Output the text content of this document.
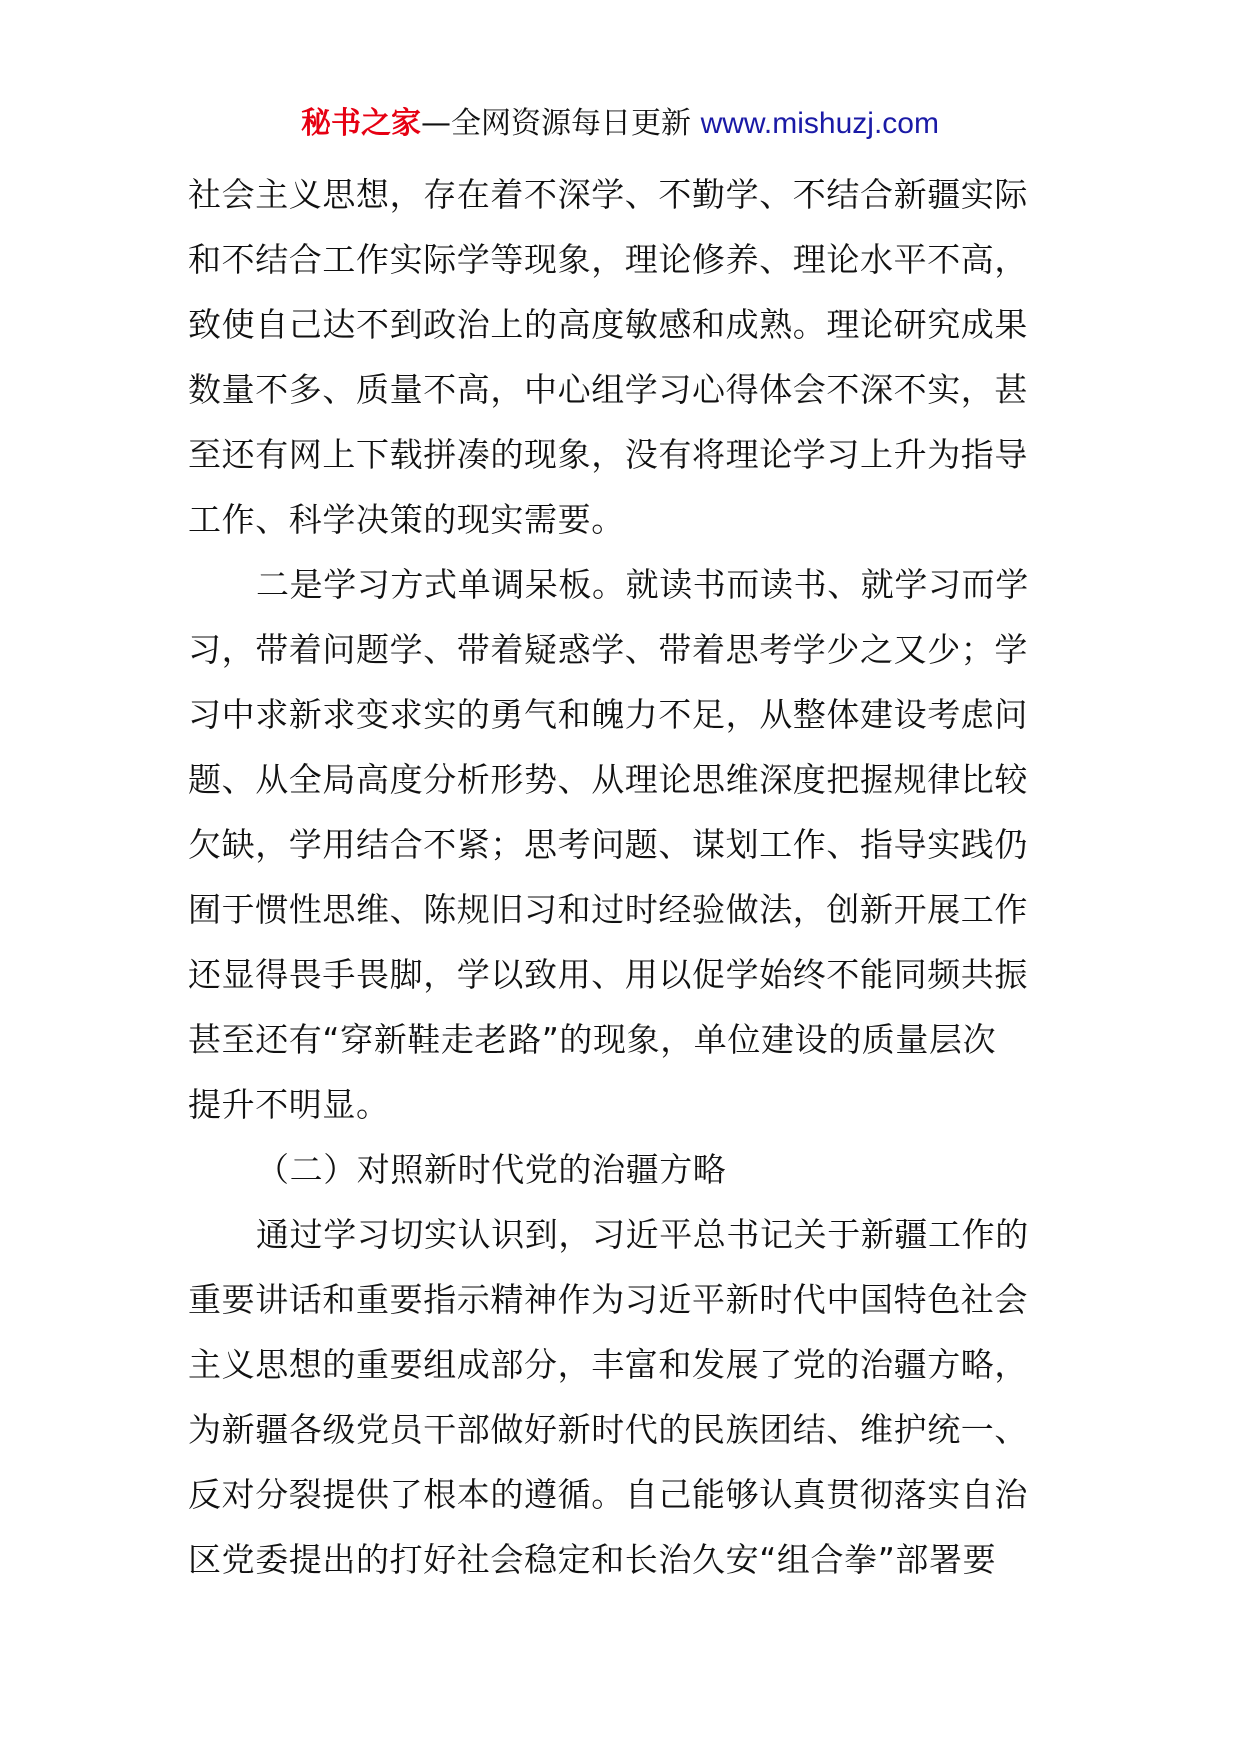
秘书之家—全网资源每日更新 www.mishuzj.com
社会主义思想，存在着不深学、不勤学、不结合新疆实际
和不结合工作实际学等现象，理论修养、理论水平不高，
致使自己达不到政治上的高度敏感和成熟。理论研究成果
数量不多、质量不高，中心组学习心得体会不深不实，甚
至还有网上下载拼凑的现象，没有将理论学习上升为指导
工作、科学决策的现实需要。
二是学习方式单调呆板。就读书而读书、就学习而学
习，带着问题学、带着疑惑学、带着思考学少之又少；学
习中求新求变求实的勇气和魄力不足，从整体建设考虑问
题、从全局高度分析形势、从理论思维深度把握规律比较
欠缺，学用结合不紧；思考问题、谋划工作、指导实践仍
囿于惯性思维、陈规旧习和过时经验做法，创新开展工作
还显得畏手畏脚，学以致用、用以促学始终不能同频共振
甚至还有“穿新鞋走老路”的现象，单位建设的质量层次
提升不明显。
（二）对照新时代党的治疆方略
通过学习切实认识到，习近平总书记关于新疆工作的
重要讲话和重要指示精神作为习近平新时代中国特色社会
主义思想的重要组成部分，丰富和发展了党的治疆方略，
为新疆各级党员干部做好新时代的民族团结、维护统一、
反对分裂提供了根本的遵循。自己能够认真贯彻落实自治
区党委提出的打好社会稳定和长治久安“组合拳”部署要
